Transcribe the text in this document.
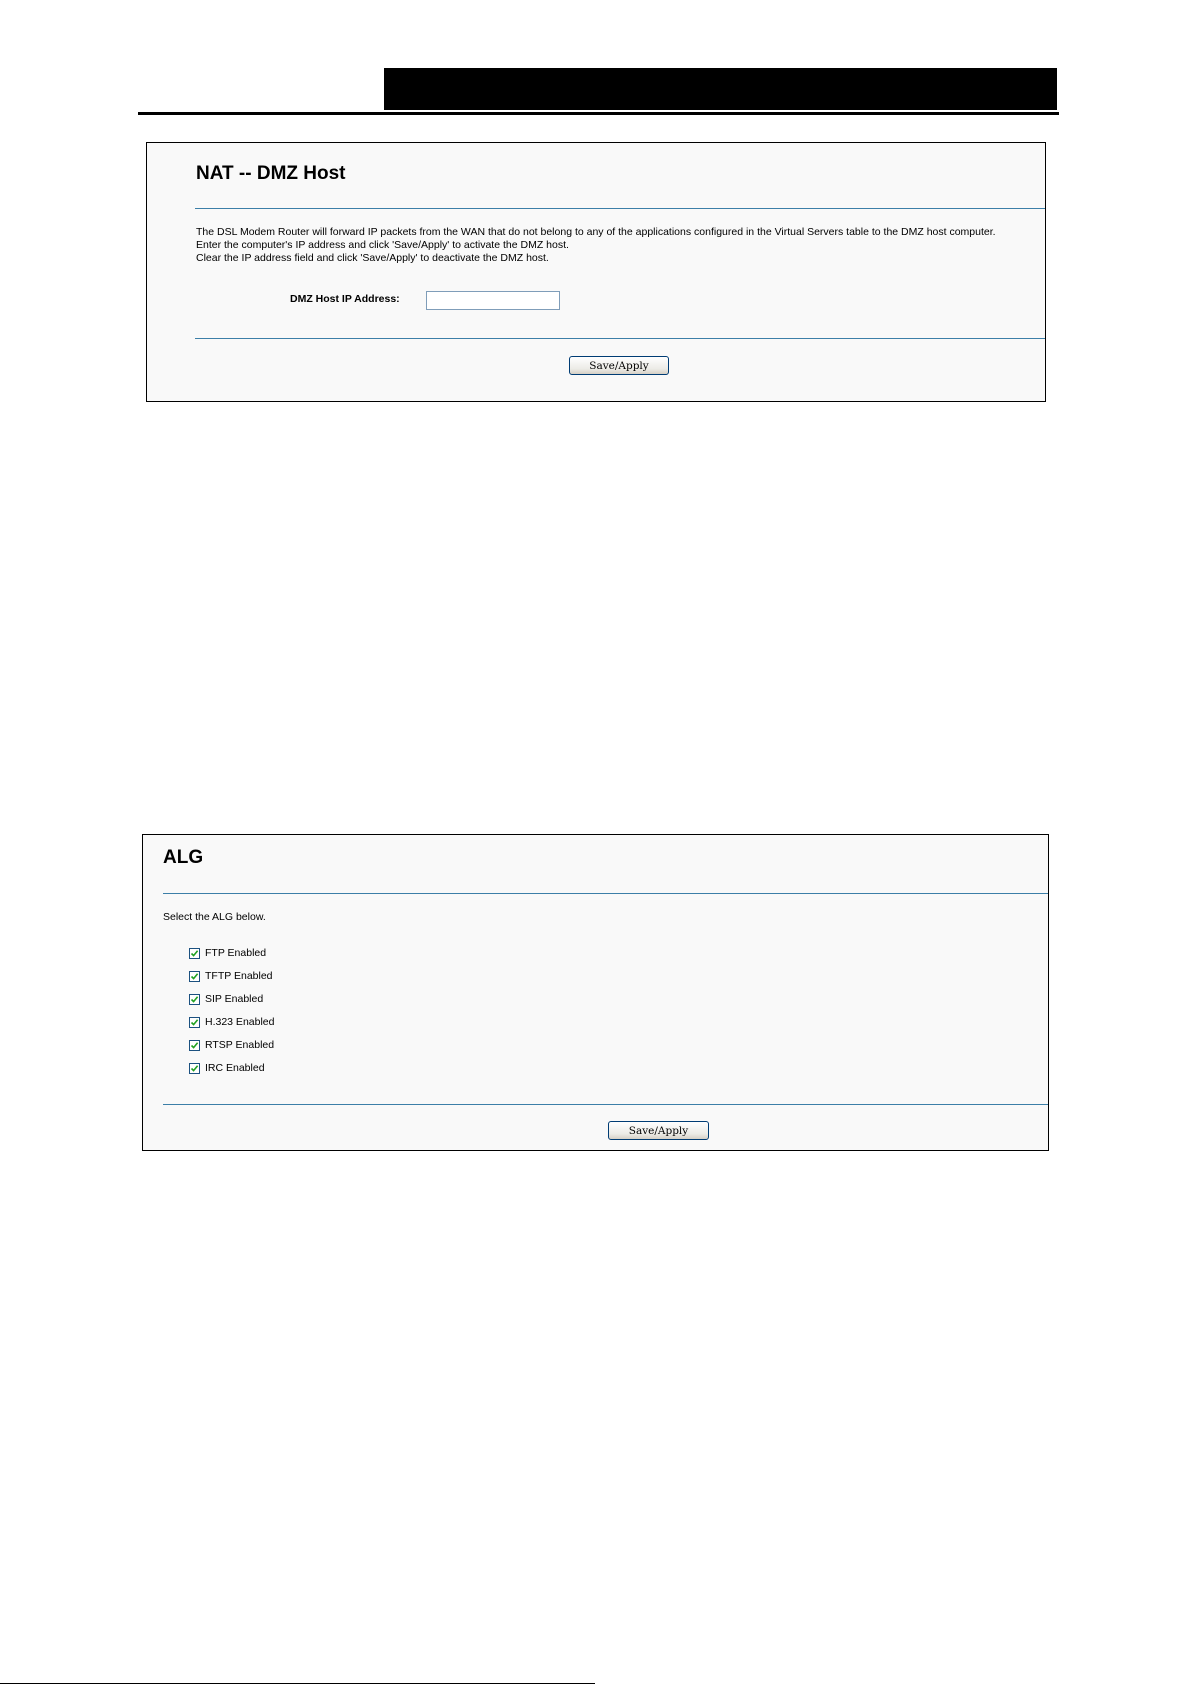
NAT -- DMZ Host
The DSL Modem Router will forward IP packets from the WAN that do not belong to any of the applications configured in the Virtual Servers table to the DMZ host computer.
Enter the computer's IP address and click 'Save/Apply' to activate the DMZ host.
Clear the IP address field and click 'Save/Apply' to deactivate the DMZ host.
DMZ Host IP Address:
Save/Apply
ALG
Select the ALG below.
FTP Enabled
TFTP Enabled
SIP Enabled
H.323 Enabled
RTSP Enabled
IRC Enabled
Save/Apply
